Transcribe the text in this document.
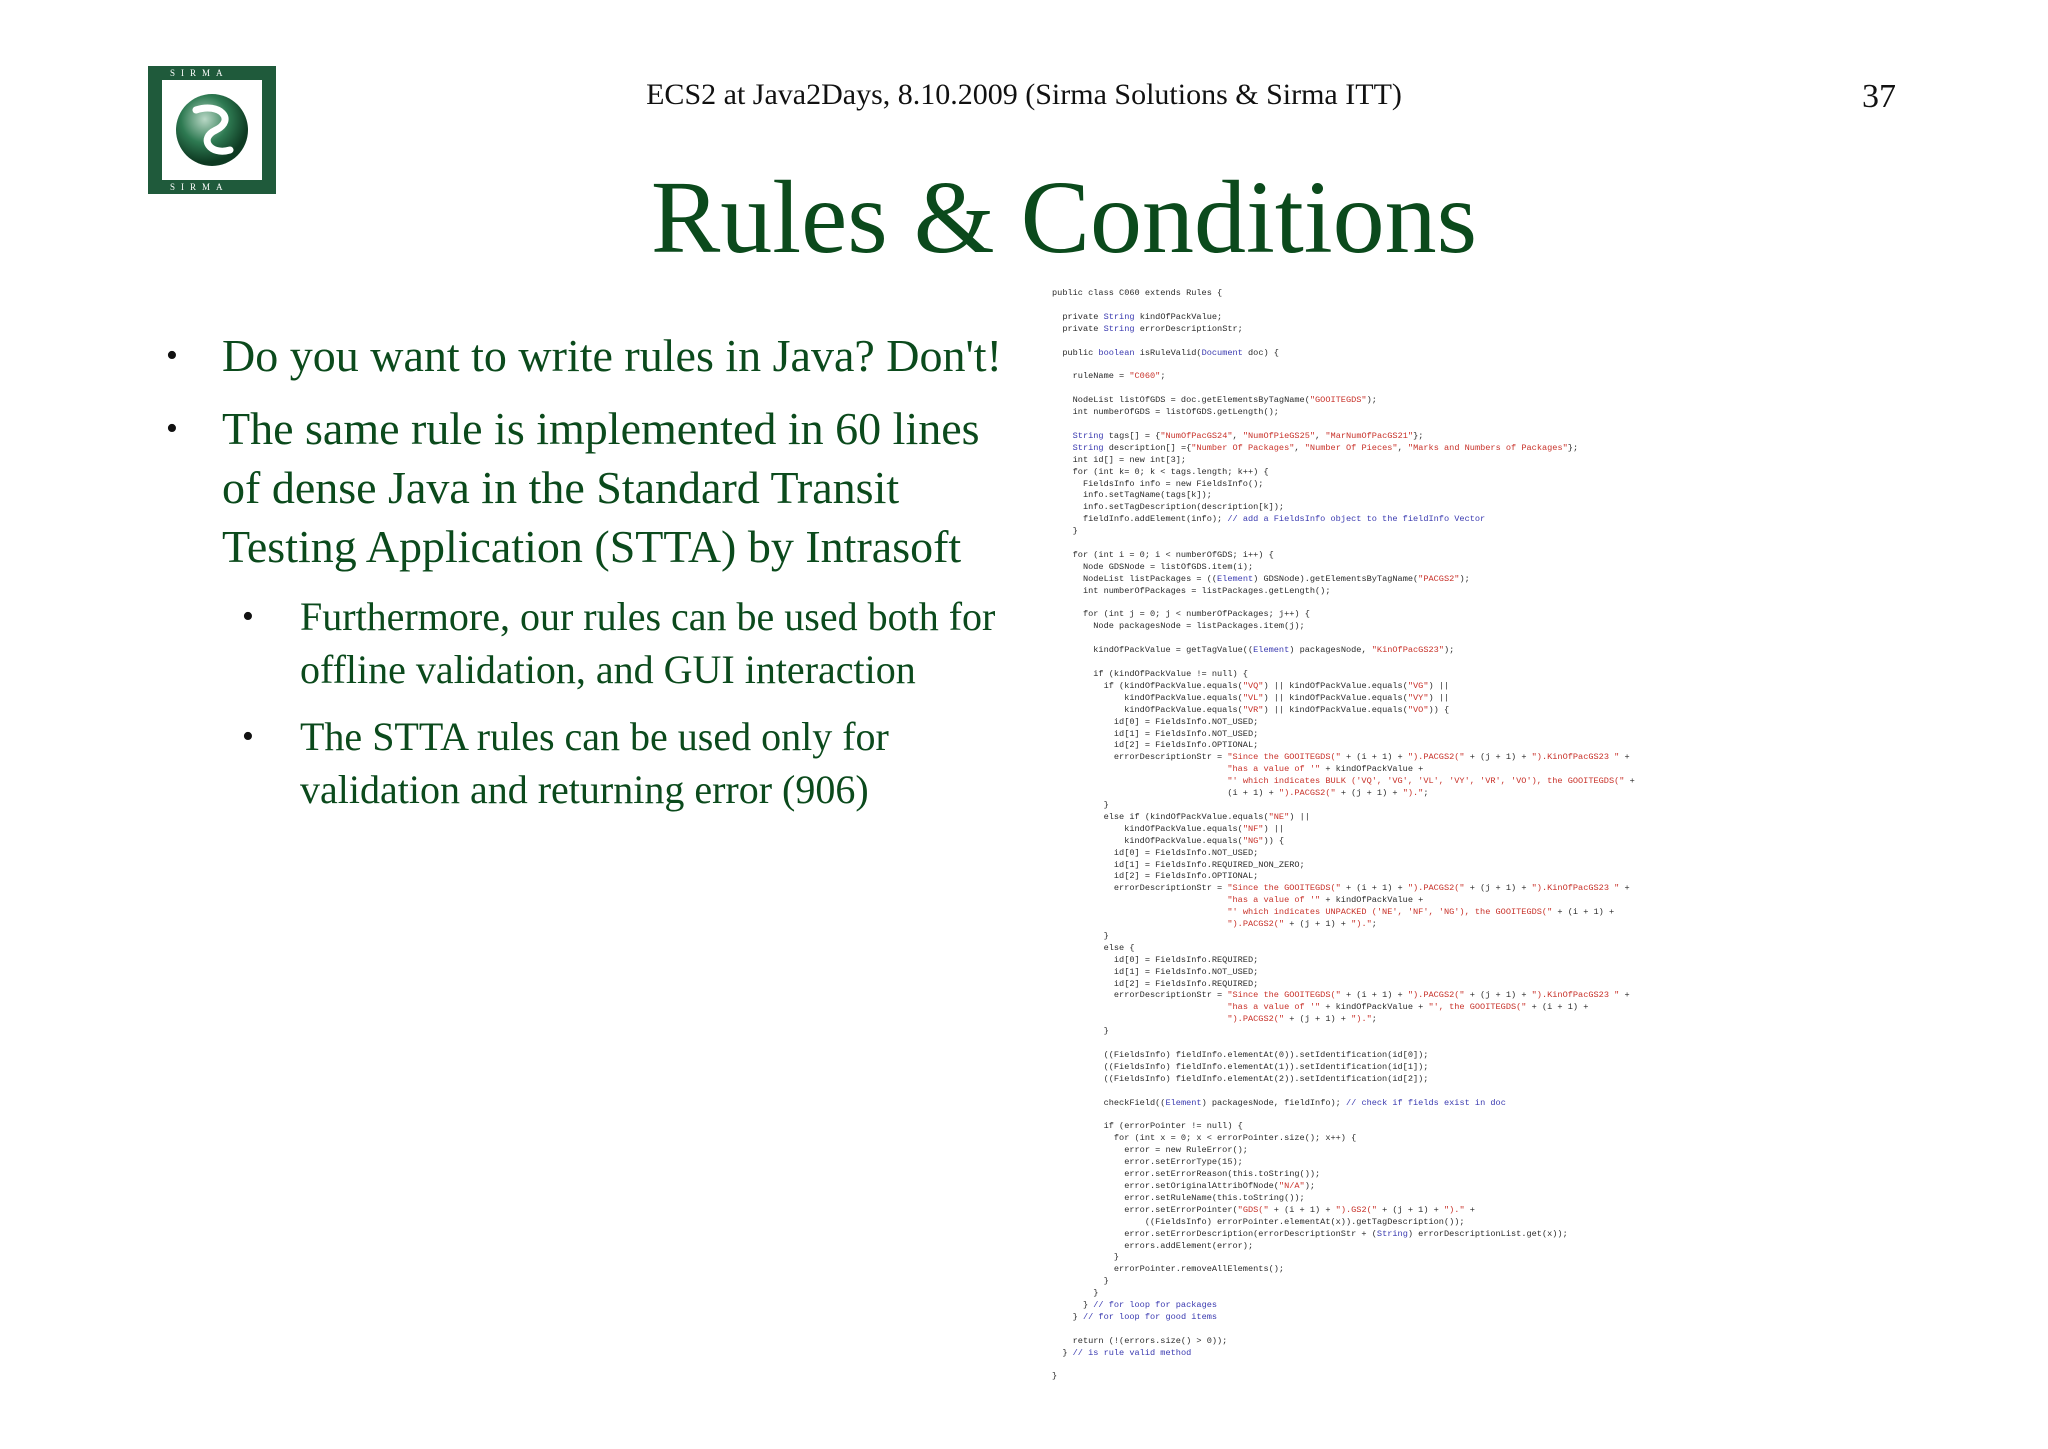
SIRMA
SIRMA
ECS2 at Java2Days, 8.10.2009 (Sirma Solutions & Sirma ITT)	37
Rules & Conditions
• Do you want to write rules in Java? Don't!
• The same rule is implemented in 60 lines of dense Java in the Standard Transit Testing Application (STTA) by Intrasoft
• Furthermore, our rules can be used both for offline validation, and GUI interaction
• The STTA rules can be used only for validation and returning error (906)
public class C060 extends Rules {

private String kindOfPackValue;
private String errorDescriptionStr;

public boolean isRuleValid(Document doc) {

ruleName = "C060";

NodeList listOfGDS = doc.getElementsByTagName("GOOITEGDS");
int numberOfGDS = listOfGDS.getLength();

String tags[] = {"NumOfPacGS24", "NumOfPieGS25", "MarNumOfPacGS21"};
String description[] ={"Number Of Packages", "Number Of Pieces", "Marks and Numbers of Packages"};
int id[] = new int[3];
for (int k= 0; k < tags.length; k++) {
FieldsInfo info = new FieldsInfo();
info.setTagName(tags[k]);
info.setTagDescription(description[k]);
fieldInfo.addElement(info); // add a FieldsInfo object to the fieldInfo Vector
}

for (int i = 0; i < numberOfGDS; i++) {
Node GDSNode = listOfGDS.item(i);
NodeList listPackages = ((Element) GDSNode).getElementsByTagName("PACGS2");
int numberOfPackages = listPackages.getLength();

for (int j = 0; j < numberOfPackages; j++) {
Node packagesNode = listPackages.item(j);

kindOfPackValue = getTagValue((Element) packagesNode, "KinOfPacGS23");

if (kindOfPackValue != null) {
if (kindOfPackValue.equals("VQ") || kindOfPackValue.equals("VG") ||
kindOfPackValue.equals("VL") || kindOfPackValue.equals("VY") ||
kindOfPackValue.equals("VR") || kindOfPackValue.equals("VO")) {
id[0] = FieldsInfo.NOT_USED;
id[1] = FieldsInfo.NOT_USED;
id[2] = FieldsInfo.OPTIONAL;
errorDescriptionStr = "Since the GOOITEGDS(" + (i + 1) + ").PACGS2(" + (j + 1) + ").KinOfPacGS23 " +
"has a value of '" + kindOfPackValue +
"' which indicates BULK ('VQ', 'VG', 'VL', 'VY', 'VR', 'VO'), the GOOITEGDS(" +
(i + 1) + ").PACGS2(" + (j + 1) + ").";
}
else if (kindOfPackValue.equals("NE") ||
kindOfPackValue.equals("NF") ||
kindOfPackValue.equals("NG")) {
id[0] = FieldsInfo.NOT_USED;
id[1] = FieldsInfo.REQUIRED_NON_ZERO;
id[2] = FieldsInfo.OPTIONAL;
errorDescriptionStr = "Since the GOOITEGDS(" + (i + 1) + ").PACGS2(" + (j + 1) + ").KinOfPacGS23 " +
"has a value of '" + kindOfPackValue +
"' which indicates UNPACKED ('NE', 'NF', 'NG'), the GOOITEGDS(" + (i + 1) +
").PACGS2(" + (j + 1) + ").";
}
else {
id[0] = FieldsInfo.REQUIRED;
id[1] = FieldsInfo.NOT_USED;
id[2] = FieldsInfo.REQUIRED;
errorDescriptionStr = "Since the GOOITEGDS(" + (i + 1) + ").PACGS2(" + (j + 1) + ").KinOfPacGS23 " +
"has a value of '" + kindOfPackValue + "', the GOOITEGDS(" + (i + 1) +
").PACGS2(" + (j + 1) + ").";
}

((FieldsInfo) fieldInfo.elementAt(0)).setIdentification(id[0]);
((FieldsInfo) fieldInfo.elementAt(1)).setIdentification(id[1]);
((FieldsInfo) fieldInfo.elementAt(2)).setIdentification(id[2]);

checkField((Element) packagesNode, fieldInfo); // check if fields exist in doc

if (errorPointer != null) {
for (int x = 0; x < errorPointer.size(); x++) {
error = new RuleError();
error.setErrorType(15);
error.setErrorReason(this.toString());
error.setOriginalAttribOfNode("N/A");
error.setRuleName(this.toString());
error.setErrorPointer("GDS(" + (i + 1) + ").GS2(" + (j + 1) + ")." +
((FieldsInfo) errorPointer.elementAt(x)).getTagDescription());
error.setErrorDescription(errorDescriptionStr + (String) errorDescriptionList.get(x));
errors.addElement(error);
}
errorPointer.removeAllElements();
}
}
} // for loop for packages
} // for loop for good items

return (!(errors.size() > 0));
} // is rule valid method

}
